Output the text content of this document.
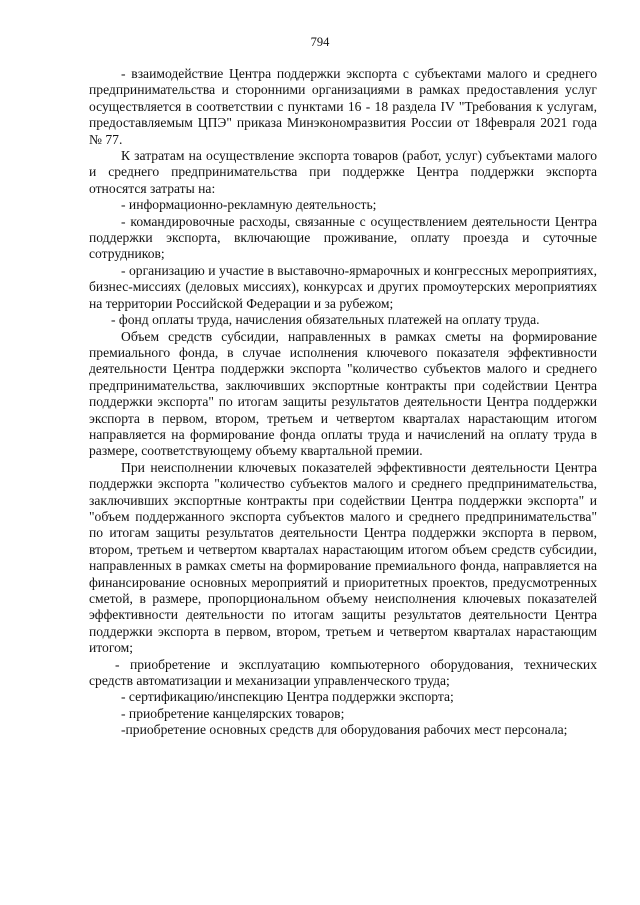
794

- взаимодействие Центра поддержки экспорта с субъектами малого и среднего предпринимательства и сторонними организациями в рамках предоставления услуг осуществляется в соответствии с пунктами 16 - 18 раздела IV "Требования к услугам, предоставляемым ЦПЭ" приказа Минэкономразвития России от 18февраля 2021 года № 77.

К затратам на осуществление экспорта товаров (работ, услуг) субъектами малого и среднего предпринимательства при поддержке Центра поддержки экспорта относятся затраты на:

- информационно-рекламную деятельность;

- командировочные расходы, связанные с осуществлением деятельности Центра поддержки экспорта, включающие проживание, оплату проезда и суточные сотрудников;

- организацию и участие в выставочно-ярмарочных и конгрессных мероприятиях, бизнес-миссиях (деловых миссиях), конкурсах и других промоутерских мероприятиях на территории Российской Федерации и за рубежом;

- фонд оплаты труда, начисления обязательных платежей на оплату труда.

Объем средств субсидии, направленных в рамках сметы на формирование премиального фонда, в случае исполнения ключевого показателя эффективности деятельности Центра поддержки экспорта "количество субъектов малого и среднего предпринимательства, заключивших экспортные контракты при содействии Центра поддержки экспорта" по итогам защиты результатов деятельности Центра поддержки экспорта в первом, втором, третьем и четвертом кварталах нарастающим итогом направляется на формирование фонда оплаты труда и начислений на оплату труда в размере, соответствующему объему квартальной премии.

При неисполнении ключевых показателей эффективности деятельности Центра поддержки экспорта "количество субъектов малого и среднего предпринимательства, заключивших экспортные контракты при содействии Центра поддержки экспорта" и "объем поддержанного экспорта субъектов малого и среднего предпринимательства" по итогам защиты результатов деятельности Центра поддержки экспорта в первом, втором, третьем и четвертом кварталах нарастающим итогом объем средств субсидии, направленных в рамках сметы на формирование премиального фонда, направляется на финансирование основных мероприятий и приоритетных проектов, предусмотренных сметой, в размере, пропорциональном объему неисполнения ключевых показателей эффективности деятельности по итогам защиты результатов деятельности Центра поддержки экспорта в первом, втором, третьем и четвертом кварталах нарастающим итогом;

- приобретение и эксплуатацию компьютерного оборудования, технических средств автоматизации и механизации управленческого труда;

- сертификацию/инспекцию Центра поддержки экспорта;

- приобретение канцелярских товаров;

-приобретение основных средств для оборудования рабочих мест персонала;
